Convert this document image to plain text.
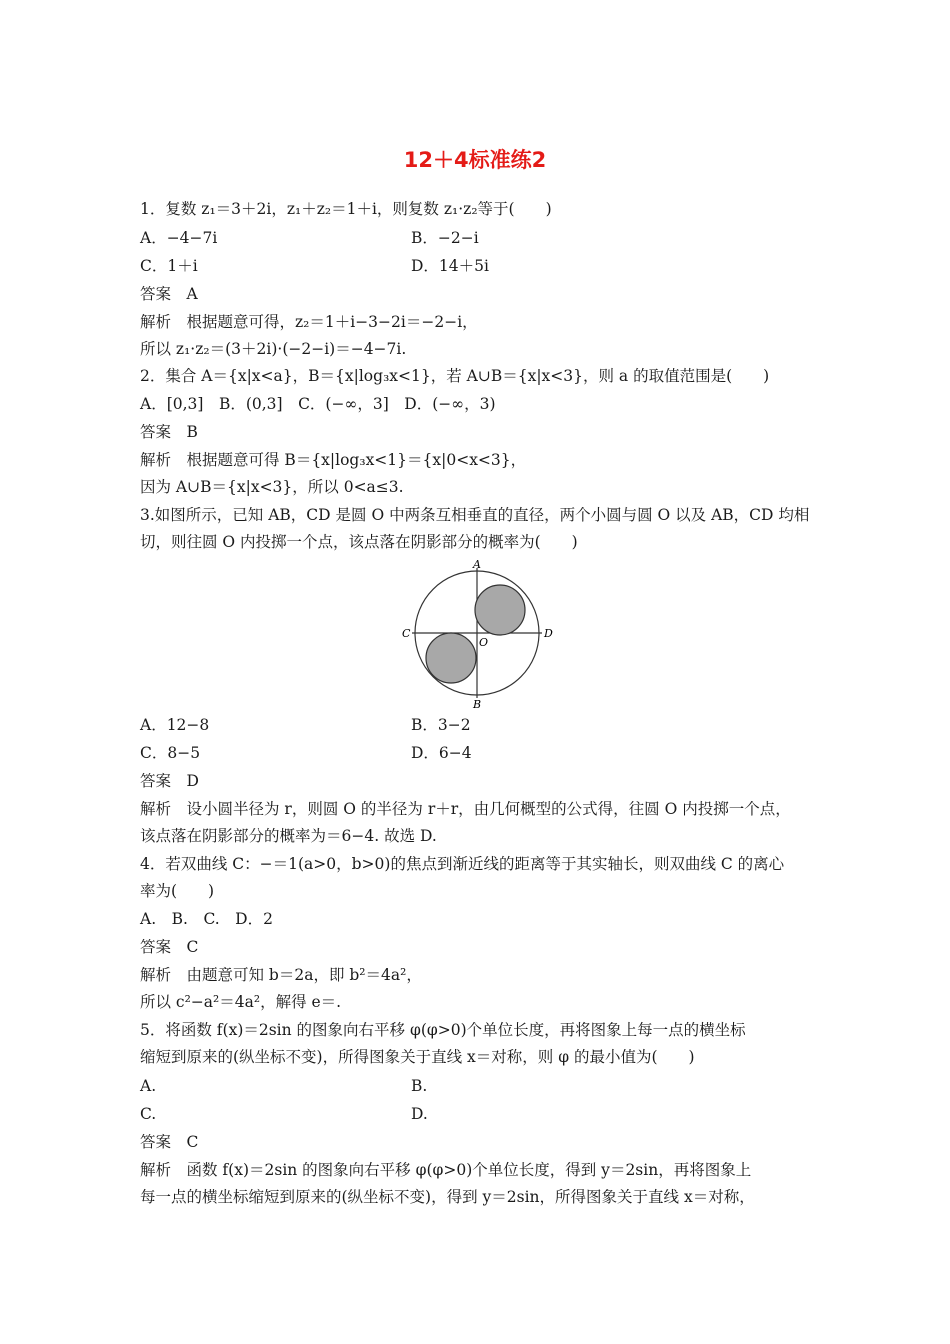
12＋4标准练2
1．复数 z₁＝3＋2i，z₁＋z₂＝1＋i，则复数 z₁·z₂等于(　　)
A．−4−7i	B．−2−i
C．1＋i	D．14＋5i
答案　A
解析　根据题意可得，z₂＝1＋i−3−2i＝−2−i，
所以 z₁·z₂＝(3＋2i)·(−2−i)＝−4−7i.
2．集合 A＝{x|x<a}，B＝{x|log₃x<1}，若 A∪B＝{x|x<3}，则 a 的取值范围是(　　)
A．[0,3]　B．(0,3]　C．(−∞，3]　D．(−∞，3)
答案　B
解析　根据题意可得 B＝{x|log₃x<1}＝{x|0<x<3}，
因为 A∪B＝{x|x<3}，所以 0<a≤3.
3.如图所示，已知 AB，CD 是圆 O 中两条互相垂直的直径，两个小圆与圆 O 以及 AB，CD 均相
切，则往圆 O 内投掷一个点，该点落在阴影部分的概率为(　　)
A
B
C	D
O
A．12−8	B．3−2
C．8−5	D．6−4
答案　D
解析　设小圆半径为 r，则圆 O 的半径为 r＋r，由几何概型的公式得，往圆 O 内投掷一个点，
该点落在阴影部分的概率为＝6−4. 故选 D.
4．若双曲线 C：−＝1(a>0，b>0)的焦点到渐近线的距离等于其实轴长，则双曲线 C 的离心
率为(　　)
A.　B.　C.　D．2
答案　C
解析　由题意可知 b＝2a，即 b²＝4a²，
所以 c²−a²＝4a²，解得 e＝.
5．将函数 f(x)＝2sin 的图象向右平移 φ(φ>0)个单位长度，再将图象上每一点的横坐标
缩短到原来的(纵坐标不变)，所得图象关于直线 x＝对称，则 φ 的最小值为(　　)
A.	B.
C.	D.
答案　C
解析　函数 f(x)＝2sin 的图象向右平移 φ(φ>0)个单位长度，得到 y＝2sin，再将图象上
每一点的横坐标缩短到原来的(纵坐标不变)，得到 y＝2sin，所得图象关于直线 x＝对称，
